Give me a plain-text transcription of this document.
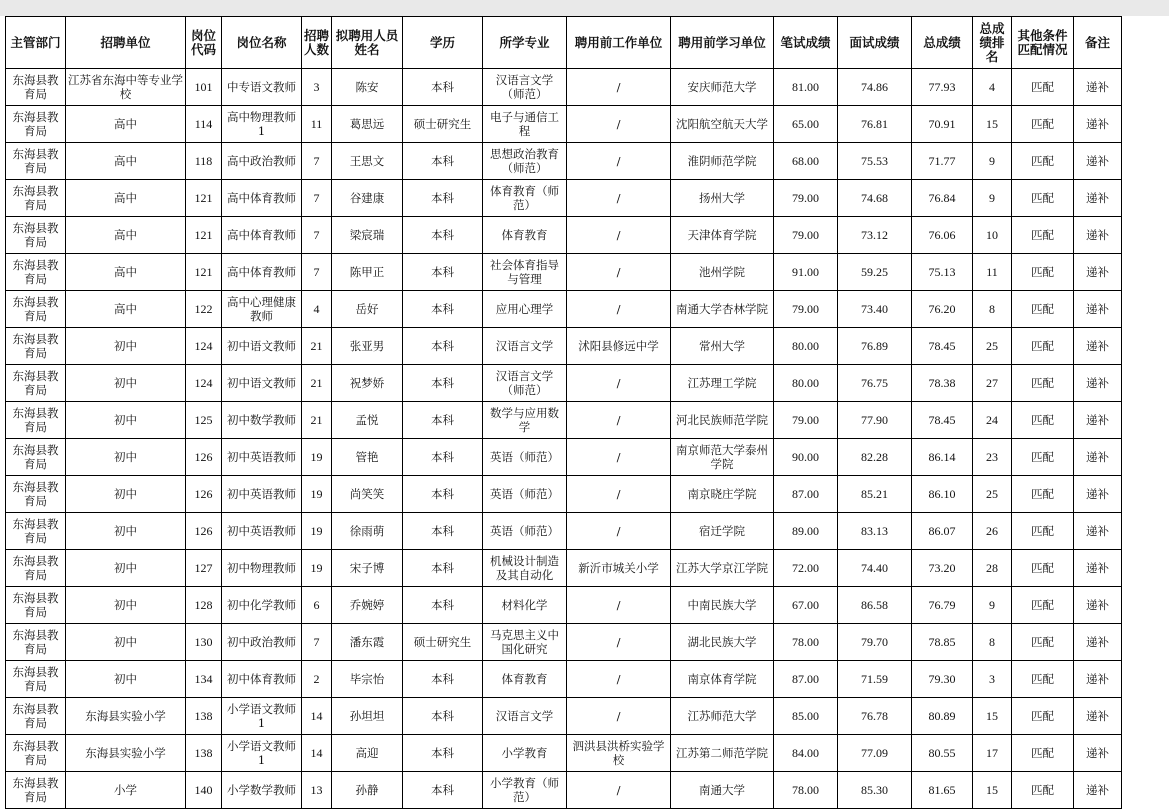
主管部门	招聘单位	岗位代码	岗位名称	招聘人数	拟聘用人员姓名	学历	所学专业	聘用前工作单位	聘用前学习单位	笔试成绩	面试成绩	总成绩	总成绩排名	其他条件匹配情况	备注
东海县教育局	江苏省东海中等专业学校	101	中专语文教师	3	陈安	本科	汉语言文学（师范）	/	安庆师范大学	81.00	74.86	77.93	4	匹配	递补
东海县教育局	高中	114	高中物理教师1	11	葛思远	硕士研究生	电子与通信工程	/	沈阳航空航天大学	65.00	76.81	70.91	15	匹配	递补
东海县教育局	高中	118	高中政治教师	7	王思文	本科	思想政治教育（师范）	/	淮阴师范学院	68.00	75.53	71.77	9	匹配	递补
东海县教育局	高中	121	高中体育教师	7	谷建康	本科	体育教育（师范）	/	扬州大学	79.00	74.68	76.84	9	匹配	递补
东海县教育局	高中	121	高中体育教师	7	梁宸瑞	本科	体育教育	/	天津体育学院	79.00	73.12	76.06	10	匹配	递补
东海县教育局	高中	121	高中体育教师	7	陈甲正	本科	社会体育指导与管理	/	池州学院	91.00	59.25	75.13	11	匹配	递补
东海县教育局	高中	122	高中心理健康教师	4	岳好	本科	应用心理学	/	南通大学杏林学院	79.00	73.40	76.20	8	匹配	递补
东海县教育局	初中	124	初中语文教师	21	张亚男	本科	汉语言文学	沭阳县修远中学	常州大学	80.00	76.89	78.45	25	匹配	递补
东海县教育局	初中	124	初中语文教师	21	祝梦娇	本科	汉语言文学（师范）	/	江苏理工学院	80.00	76.75	78.38	27	匹配	递补
东海县教育局	初中	125	初中数学教师	21	孟悦	本科	数学与应用数学	/	河北民族师范学院	79.00	77.90	78.45	24	匹配	递补
东海县教育局	初中	126	初中英语教师	19	管艳	本科	英语（师范）	/	南京师范大学泰州学院	90.00	82.28	86.14	23	匹配	递补
东海县教育局	初中	126	初中英语教师	19	尚笑笑	本科	英语（师范）	/	南京晓庄学院	87.00	85.21	86.10	25	匹配	递补
东海县教育局	初中	126	初中英语教师	19	徐雨萌	本科	英语（师范）	/	宿迁学院	89.00	83.13	86.07	26	匹配	递补
东海县教育局	初中	127	初中物理教师	19	宋子博	本科	机械设计制造及其自动化	新沂市城关小学	江苏大学京江学院	72.00	74.40	73.20	28	匹配	递补
东海县教育局	初中	128	初中化学教师	6	乔婉婷	本科	材料化学	/	中南民族大学	67.00	86.58	76.79	9	匹配	递补
东海县教育局	初中	130	初中政治教师	7	潘东霞	硕士研究生	马克思主义中国化研究	/	湖北民族大学	78.00	79.70	78.85	8	匹配	递补
东海县教育局	初中	134	初中体育教师	2	毕宗怡	本科	体育教育	/	南京体育学院	87.00	71.59	79.30	3	匹配	递补
东海县教育局	东海县实验小学	138	小学语文教师1	14	孙坦坦	本科	汉语言文学	/	江苏师范大学	85.00	76.78	80.89	15	匹配	递补
东海县教育局	东海县实验小学	138	小学语文教师1	14	高迎	本科	小学教育	泗洪县洪桥实验学校	江苏第二师范学院	84.00	77.09	80.55	17	匹配	递补
东海县教育局	小学	140	小学数学教师	13	孙静	本科	小学教育（师范）	/	南通大学	78.00	85.30	81.65	15	匹配	递补
